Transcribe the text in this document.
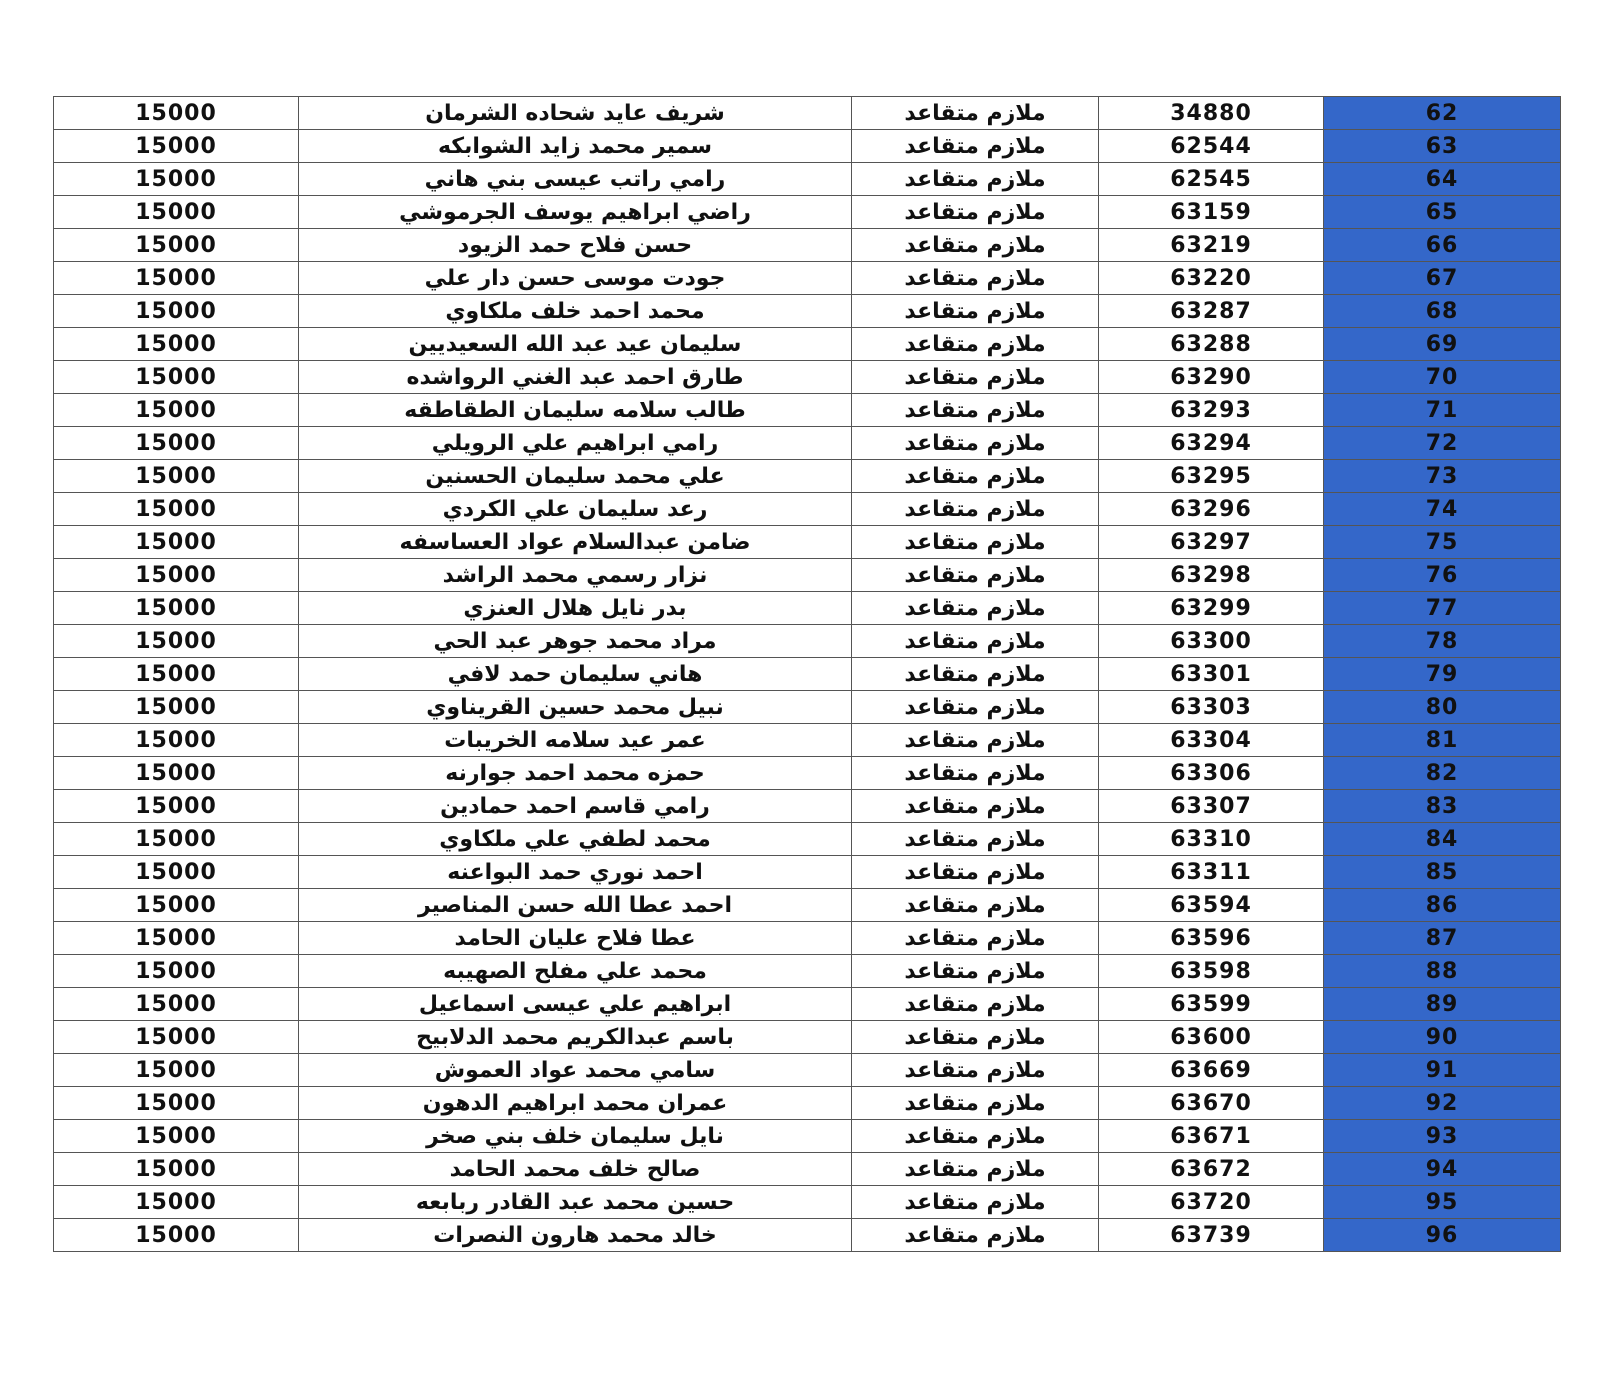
15000	شريف عايد شحاده الشرمان	ملازم متقاعد	34880	62
15000	سمير محمد زايد الشوابكه	ملازم متقاعد	62544	63
15000	رامي راتب عيسى بني هاني	ملازم متقاعد	62545	64
15000	راضي ابراهيم يوسف الجرموشي	ملازم متقاعد	63159	65
15000	حسن فلاح حمد الزيود	ملازم متقاعد	63219	66
15000	جودت موسى حسن دار علي	ملازم متقاعد	63220	67
15000	محمد احمد خلف ملكاوي	ملازم متقاعد	63287	68
15000	سليمان عيد عبد الله السعيديين	ملازم متقاعد	63288	69
15000	طارق احمد عبد الغني الرواشده	ملازم متقاعد	63290	70
15000	طالب سلامه سليمان الطقاطقه	ملازم متقاعد	63293	71
15000	رامي ابراهيم علي الرويلي	ملازم متقاعد	63294	72
15000	علي محمد سليمان الحسنين	ملازم متقاعد	63295	73
15000	رعد سليمان علي الكردي	ملازم متقاعد	63296	74
15000	ضامن عبدالسلام عواد العساسفه	ملازم متقاعد	63297	75
15000	نزار رسمي محمد الراشد	ملازم متقاعد	63298	76
15000	بدر نايل هلال العنزي	ملازم متقاعد	63299	77
15000	مراد محمد جوهر عبد الحي	ملازم متقاعد	63300	78
15000	هاني سليمان حمد لافي	ملازم متقاعد	63301	79
15000	نبيل محمد حسين القريناوي	ملازم متقاعد	63303	80
15000	عمر عيد سلامه الخريبات	ملازم متقاعد	63304	81
15000	حمزه محمد احمد جوارنه	ملازم متقاعد	63306	82
15000	رامي قاسم احمد حمادين	ملازم متقاعد	63307	83
15000	محمد لطفي علي ملكاوي	ملازم متقاعد	63310	84
15000	احمد نوري حمد البواعنه	ملازم متقاعد	63311	85
15000	احمد عطا الله حسن المناصير	ملازم متقاعد	63594	86
15000	عطا فلاح عليان الحامد	ملازم متقاعد	63596	87
15000	محمد علي مفلح الصهيبه	ملازم متقاعد	63598	88
15000	ابراهيم علي عيسى اسماعيل	ملازم متقاعد	63599	89
15000	باسم عبدالكريم محمد الدلابيح	ملازم متقاعد	63600	90
15000	سامي محمد عواد العموش	ملازم متقاعد	63669	91
15000	عمران محمد ابراهيم الدهون	ملازم متقاعد	63670	92
15000	نايل سليمان خلف بني صخر	ملازم متقاعد	63671	93
15000	صالح خلف محمد الحامد	ملازم متقاعد	63672	94
15000	حسين محمد عبد القادر ربابعه	ملازم متقاعد	63720	95
15000	خالد محمد هارون النصرات	ملازم متقاعد	63739	96
